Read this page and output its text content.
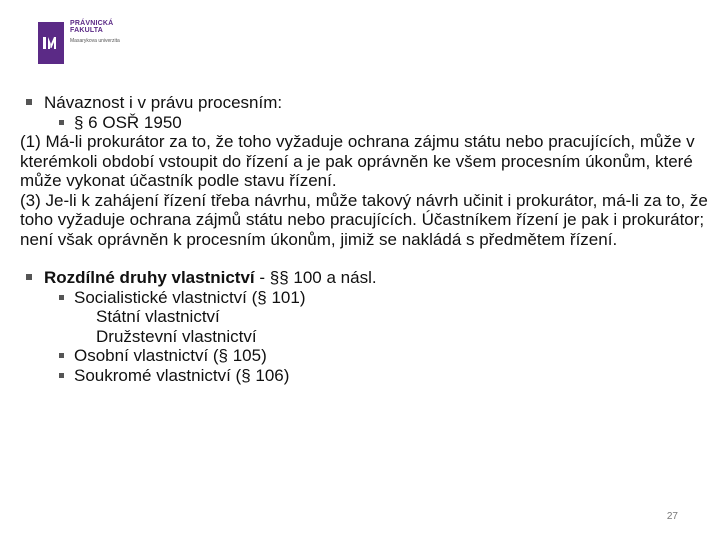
PRÁVNICKÁ
FAKULTA
Masarykova univerzita
Návaznost i v právu procesním:
§ 6 OSŘ 1950

(1) Má-li prokurátor za to, že toho vyžaduje ochrana zájmu státu nebo pracujících, může v kterémkoli období vstoupit do řízení a je pak oprávněn ke všem procesním úkonům, které může vykonat účastník podle stavu řízení.

(3) Je-li k zahájení řízení třeba návrhu, může takový návrh učinit i prokurátor, má-li za to, že toho vyžaduje ochrana zájmů státu nebo pracujících. Účastníkem řízení je pak i prokurátor; není však oprávněn k procesním úkonům, jimiž se nakládá s předmětem řízení.

Rozdílné druhy vlastnictví - §§ 100 a násl.
Socialistické vlastnictví (§ 101)
Státní vlastnictví
Družstevní vlastnictví
Osobní vlastnictví (§ 105)
Soukromé vlastnictví (§ 106)
27
